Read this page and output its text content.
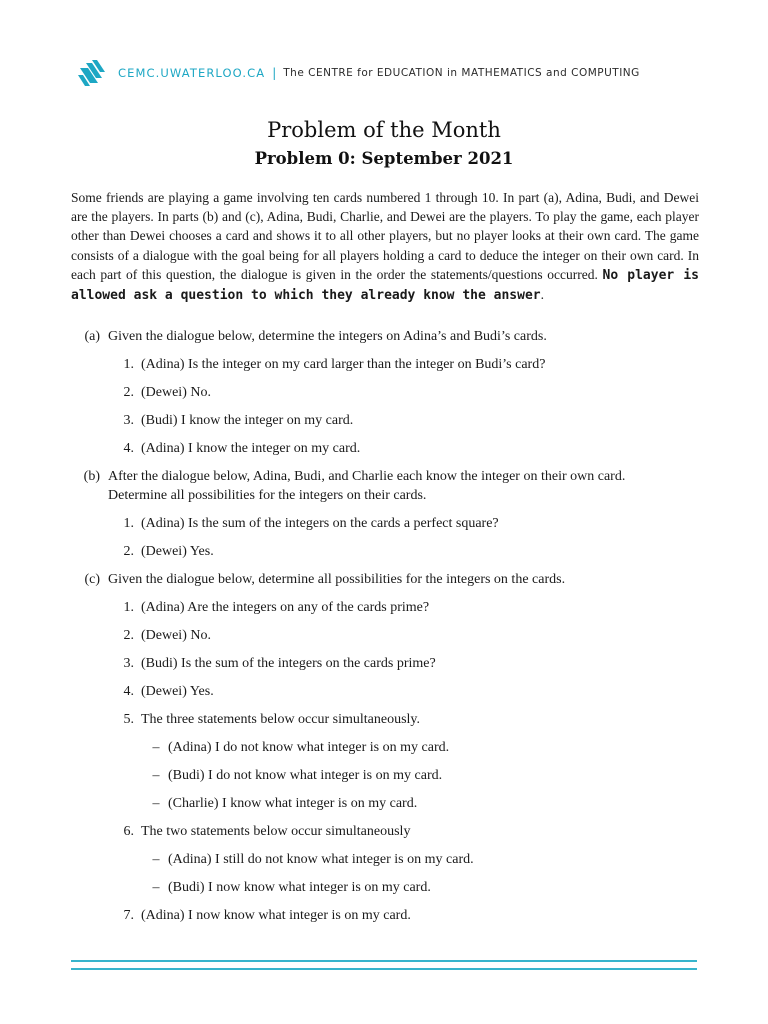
CEMC.UWATERLOO.CA | The CENTRE for EDUCATION in MATHEMATICS and COMPUTING
Problem of the Month
Problem 0: September 2021
Some friends are playing a game involving ten cards numbered 1 through 10. In part (a), Adina, Budi, and Dewei are the players. In parts (b) and (c), Adina, Budi, Charlie, and Dewei are the players. To play the game, each player other than Dewei chooses a card and shows it to all other players, but no player looks at their own card. The game consists of a dialogue with the goal being for all players holding a card to deduce the integer on their own card. In each part of this question, the dialogue is given in the order the statements/questions occurred. No player is allowed ask a question to which they already know the answer.
(a) Given the dialogue below, determine the integers on Adina’s and Budi’s cards.
1. (Adina) Is the integer on my card larger than the integer on Budi’s card?
2. (Dewei) No.
3. (Budi) I know the integer on my card.
4. (Adina) I know the integer on my card.
(b) After the dialogue below, Adina, Budi, and Charlie each know the integer on their own card.
Determine all possibilities for the integers on their cards.
1. (Adina) Is the sum of the integers on the cards a perfect square?
2. (Dewei) Yes.
(c) Given the dialogue below, determine all possibilities for the integers on the cards.
1. (Adina) Are the integers on any of the cards prime?
2. (Dewei) No.
3. (Budi) Is the sum of the integers on the cards prime?
4. (Dewei) Yes.
5. The three statements below occur simultaneously.
– (Adina) I do not know what integer is on my card.
– (Budi) I do not know what integer is on my card.
– (Charlie) I know what integer is on my card.
6. The two statements below occur simultaneously
– (Adina) I still do not know what integer is on my card.
– (Budi) I now know what integer is on my card.
7. (Adina) I now know what integer is on my card.
